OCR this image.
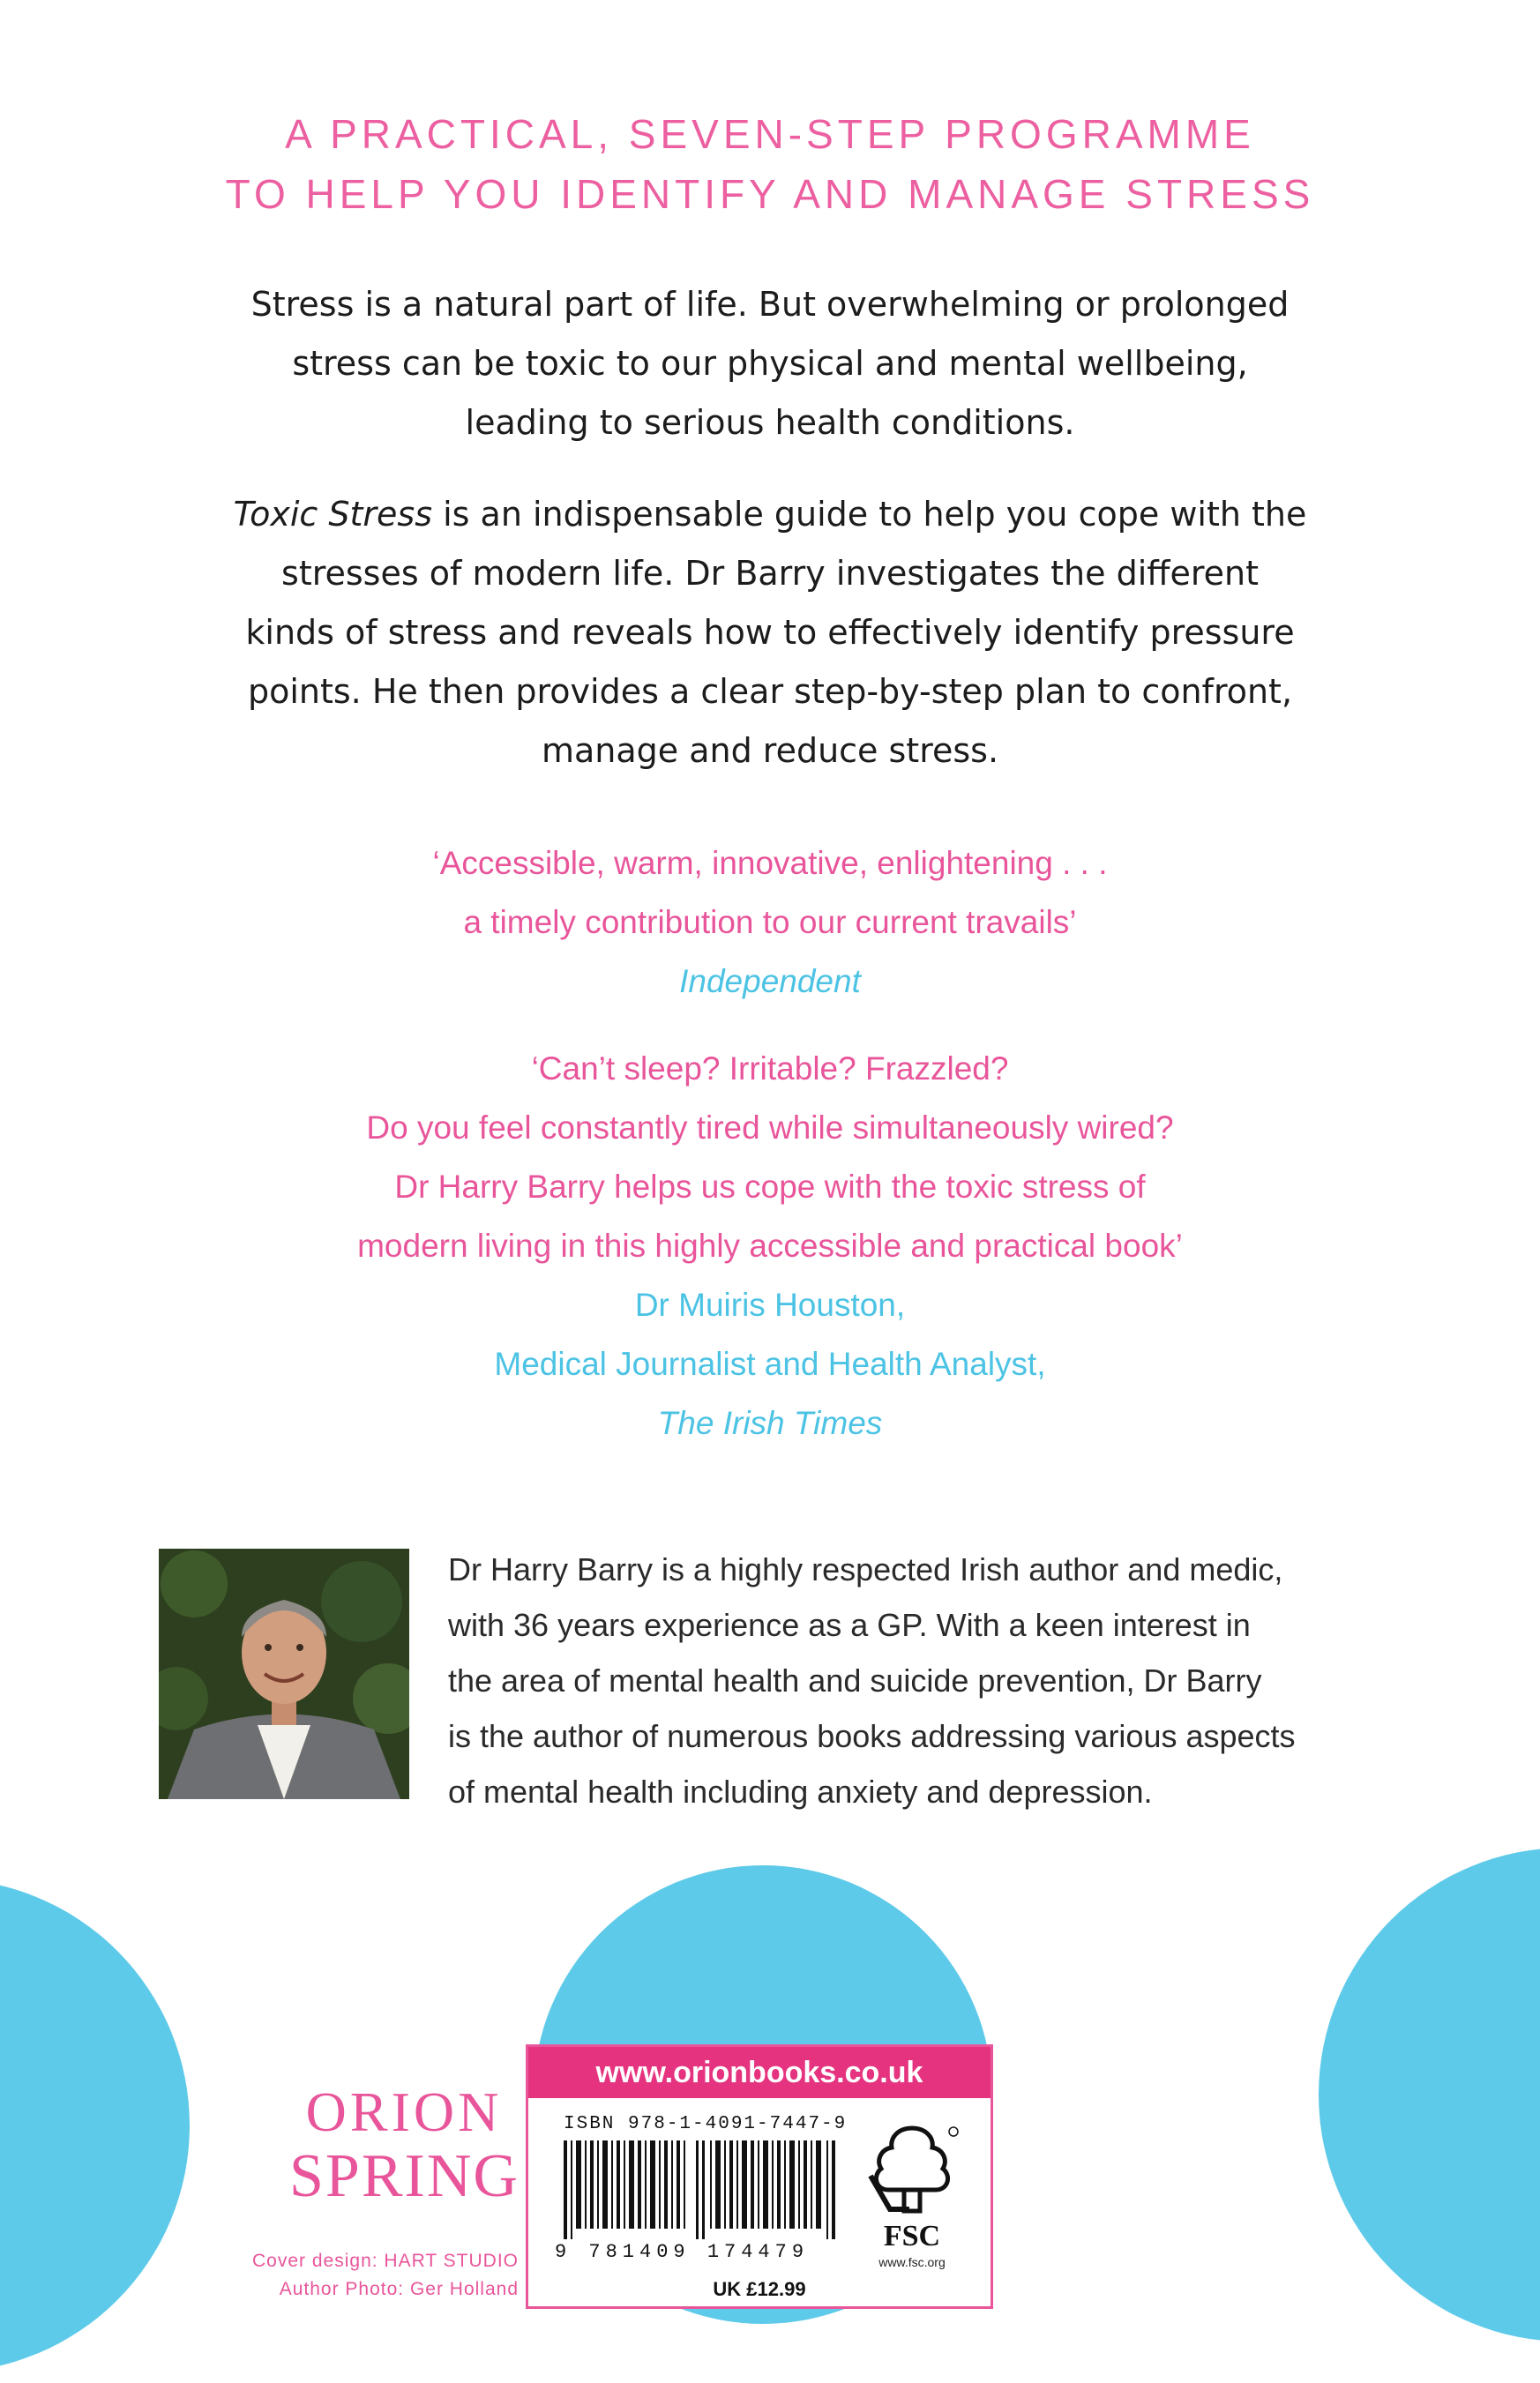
A PRACTICAL, SEVEN-STEP PROGRAMME
TO HELP YOU IDENTIFY AND MANAGE STRESS
Stress is a natural part of life. But overwhelming or prolonged
stress can be toxic to our physical and mental wellbeing,
leading to serious health conditions.
Toxic Stress is an indispensable guide to help you cope with the
stresses of modern life. Dr Barry investigates the different
kinds of stress and reveals how to effectively identify pressure
points. He then provides a clear step-by-step plan to confront,
manage and reduce stress.
‘Accessible, warm, innovative, enlightening . . .
a timely contribution to our current travails’
Independent
‘Can’t sleep? Irritable? Frazzled?
Do you feel constantly tired while simultaneously wired?
Dr Harry Barry helps us cope with the toxic stress of
modern living in this highly accessible and practical book’
Dr Muiris Houston,
Medical Journalist and Health Analyst,
The Irish Times
Dr Harry Barry is a highly respected Irish author and medic,
with 36 years experience as a GP. With a keen interest in
the area of mental health and suicide prevention, Dr Barry
is the author of numerous books addressing various aspects
of mental health including anxiety and depression.
ORION
SPRING
Cover design: HART STUDIO
Author Photo: Ger Holland
www.orionbooks.co.uk
ISBN 978-1-4091-7447-9
9 781409 174479	FSC
www.fsc.org
UK £12.99
